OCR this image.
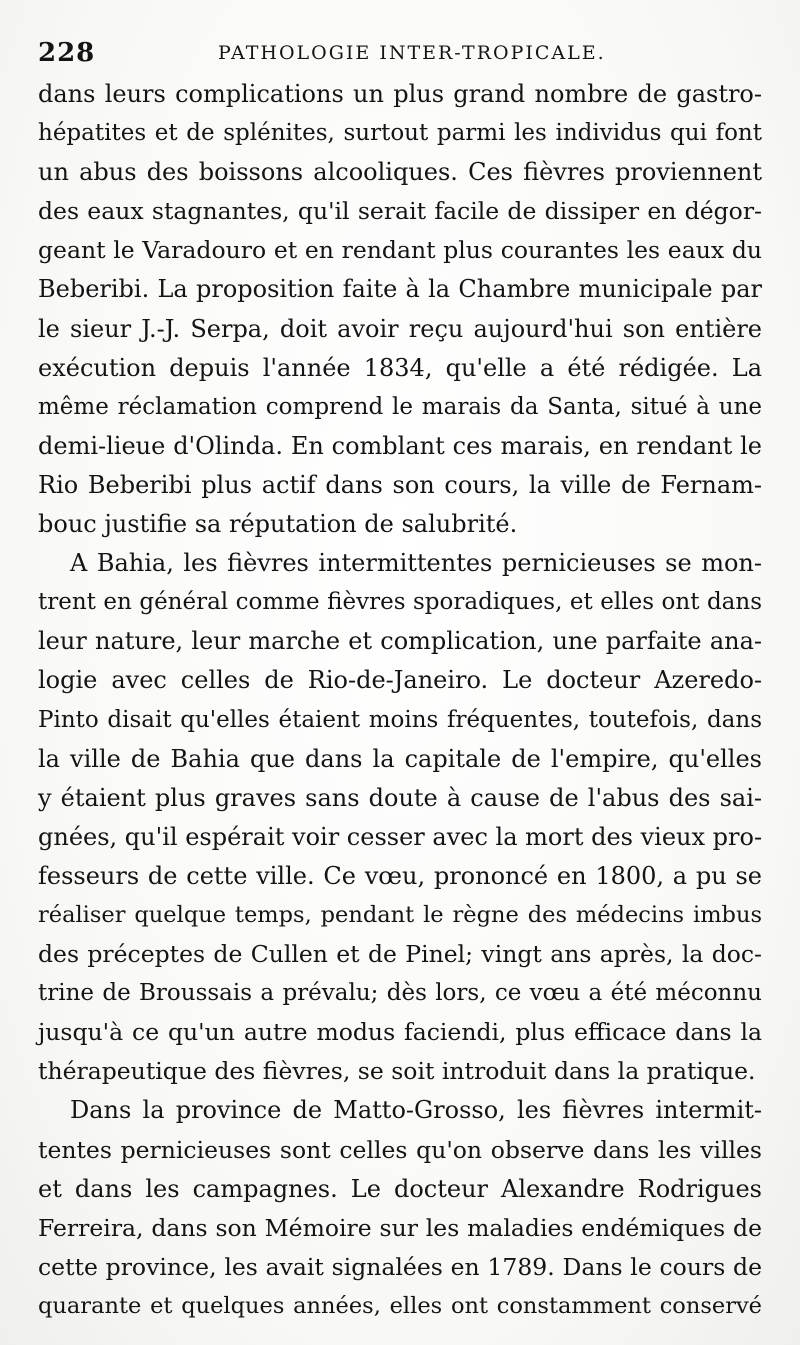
228	PATHOLOGIE INTER-TROPICALE.
dans leurs complications un plus grand nombre de gastro-
hépatites et de splénites, surtout parmi les individus qui font
un abus des boissons alcooliques. Ces fièvres proviennent
des eaux stagnantes, qu'il serait facile de dissiper en dégor-
geant le Varadouro et en rendant plus courantes les eaux du
Beberibi. La proposition faite à la Chambre municipale par
le sieur J.-J. Serpa, doit avoir reçu aujourd'hui son entière
exécution depuis l'année 1834, qu'elle a été rédigée. La
même réclamation comprend le marais da Santa, situé à une
demi-lieue d'Olinda. En comblant ces marais, en rendant le
Rio Beberibi plus actif dans son cours, la ville de Fernam-
bouc justifie sa réputation de salubrité.
A Bahia, les fièvres intermittentes pernicieuses se mon-
trent en général comme fièvres sporadiques, et elles ont dans
leur nature, leur marche et complication, une parfaite ana-
logie avec celles de Rio-de-Janeiro. Le docteur Azeredo-
Pinto disait qu'elles étaient moins fréquentes, toutefois, dans
la ville de Bahia que dans la capitale de l'empire, qu'elles
y étaient plus graves sans doute à cause de l'abus des sai-
gnées, qu'il espérait voir cesser avec la mort des vieux pro-
fesseurs de cette ville. Ce vœu, prononcé en 1800, a pu se
réaliser quelque temps, pendant le règne des médecins imbus
des préceptes de Cullen et de Pinel; vingt ans après, la doc-
trine de Broussais a prévalu; dès lors, ce vœu a été méconnu
jusqu'à ce qu'un autre modus faciendi, plus efficace dans la
thérapeutique des fièvres, se soit introduit dans la pratique.
Dans la province de Matto-Grosso, les fièvres intermit-
tentes pernicieuses sont celles qu'on observe dans les villes
et dans les campagnes. Le docteur Alexandre Rodrigues
Ferreira, dans son Mémoire sur les maladies endémiques de
cette province, les avait signalées en 1789. Dans le cours de
quarante et quelques années, elles ont constamment conservé
